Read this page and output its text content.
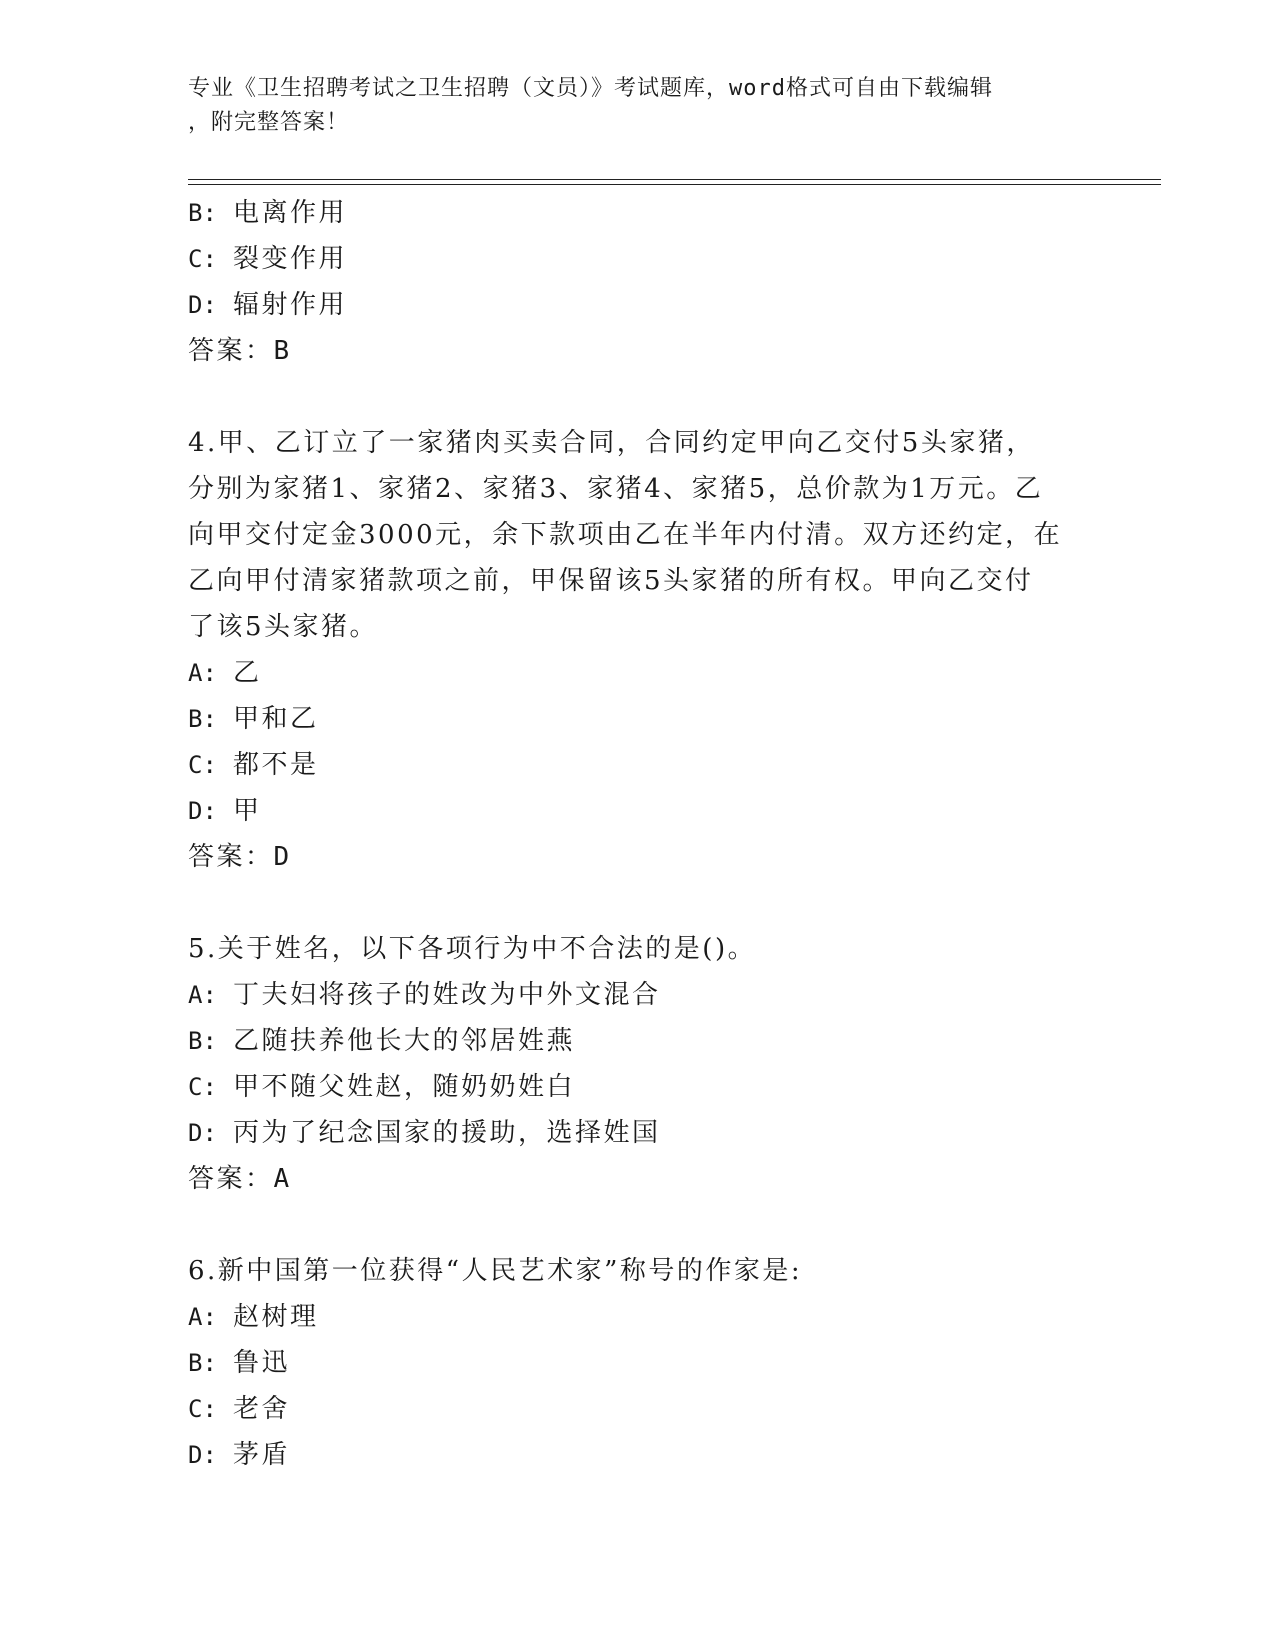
专业《卫生招聘考试之卫生招聘（文员）》考试题库，word格式可自由下载编辑
，附完整答案！
B: 电离作用
C: 裂变作用
D: 辐射作用
答案：B
4.甲、乙订立了一家猪肉买卖合同，合同约定甲向乙交付5头家猪，
分别为家猪1、家猪2、家猪3、家猪4、家猪5，总价款为1万元。乙
向甲交付定金3000元，余下款项由乙在半年内付清。双方还约定，在
乙向甲付清家猪款项之前，甲保留该5头家猪的所有权。甲向乙交付
了该5头家猪。
A: 乙
B: 甲和乙
C: 都不是
D: 甲
答案：D
5.关于姓名，以下各项行为中不合法的是()。
A: 丁夫妇将孩子的姓改为中外文混合
B: 乙随扶养他长大的邻居姓燕
C: 甲不随父姓赵，随奶奶姓白
D: 丙为了纪念国家的援助，选择姓国
答案：A
6.新中国第一位获得“人民艺术家”称号的作家是:
A: 赵树理
B: 鲁迅
C: 老舍
D: 茅盾
